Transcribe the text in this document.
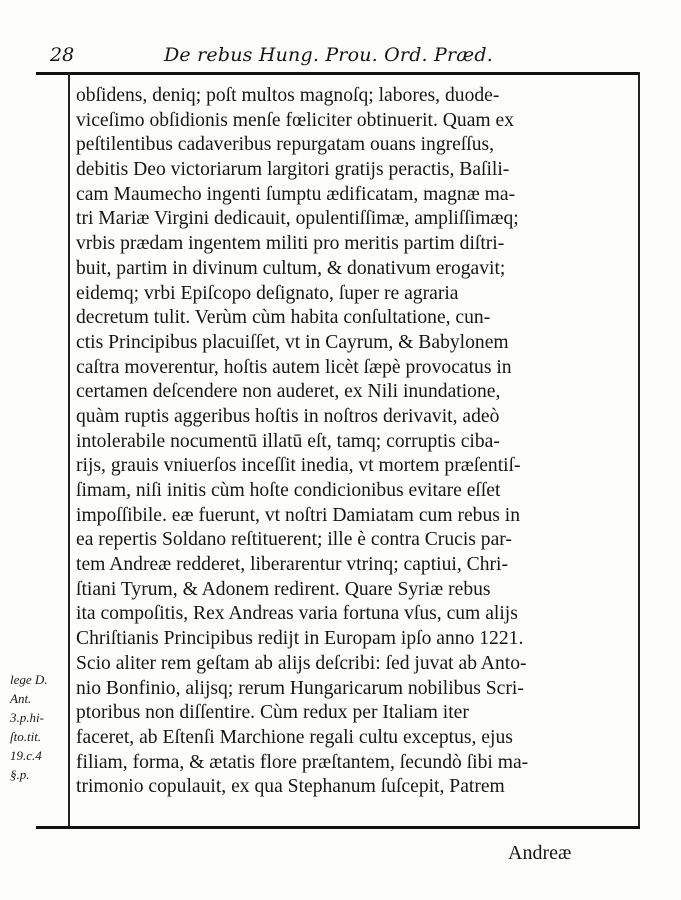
28	De rebus Hung. Prou. Ord. Præd.
obſidens, deniq; poſt multos magnoſq; labores, duode-
viceſimo obſidionis menſe fœliciter obtinuerit. Quam ex
peſtilentibus cadaveribus repurgatam ouans ingreſſus,
debitis Deo victoriarum largitori gratijs peractis, Baſili-
cam Maumecho ingenti ſumptu ædificatam, magnæ ma-
tri Mariæ Virgini dedicauit, opulentiſſimæ, ampliſſimæq;
vrbis prædam ingentem militi pro meritis partim diſtri-
buit, partim in divinum cultum, & donativum erogavit;
eidemq; vrbi Epiſcopo deſignato, ſuper re agraria
decretum tulit. Verùm cùm habita conſultatione, cun-
ctis Principibus placuiſſet, vt in Cayrum, & Babylonem
caſtra moverentur, hoſtis autem licèt ſæpè provocatus in
certamen deſcendere non auderet, ex Nili inundatione,
quàm ruptis aggeribus hoſtis in noſtros derivavit, adeò
intolerabile nocumentū illatū eſt, tamq; corruptis ciba-
rijs, grauis vniuerſos inceſſit inedia, vt mortem præſentiſ-
ſimam, niſi initis cùm hoſte condicionibus evitare eſſet
impoſſibile. eæ fuerunt, vt noſtri Damiatam cum rebus in
ea repertis Soldano reſtituerent; ille è contra Crucis par-
tem Andreæ redderet, liberarentur vtrinq; captiui, Chri-
ſtiani Tyrum, & Adonem redirent. Quare Syriæ rebus
ita compoſitis, Rex Andreas varia fortuna vſus, cum alijs
Chriſtianis Principibus redijt in Europam ipſo anno 1221.
Scio aliter rem geſtam ab alijs deſcribi: ſed juvat ab Anto-
nio Bonfinio, alijsq; rerum Hungaricarum nobilibus Scri-
ptoribus non diſſentire. Cùm redux per Italiam iter
faceret, ab Eſtenſi Marchione regali cultu exceptus, ejus
filiam, forma, & ætatis flore præſtantem, ſecundò ſibi ma-
trimonio copulauit, ex qua Stephanum ſuſcepit, Patrem
lege D.
Ant.
3.p.hi-
ſto.tit.
19.c.4
§.p.
Andreæ
